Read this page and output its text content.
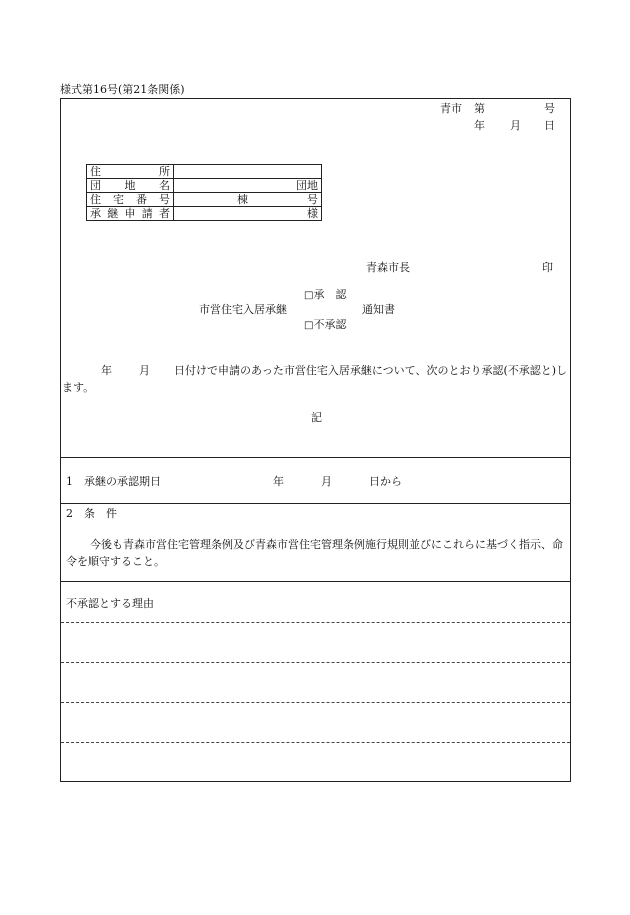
様式第16号(第21条関係)
青市 第	号
年 月 日
住所	
団地名	団地
住宅番号	棟 号

承継申請者	様
青森市長	印
市営住宅入居承継
□承　認
□不承認
通知書
年 月	日付けで申請のあった市営住宅入居承継について、次のとおり承認(不承認と)します。
記
1　承継の承認期日	年	月	日から
2　条　件
今後も青森市営住宅管理条例及び青森市営住宅管理条例施行規則並びにこれらに基づく指示、命令を順守すること。
不承認とする理由
